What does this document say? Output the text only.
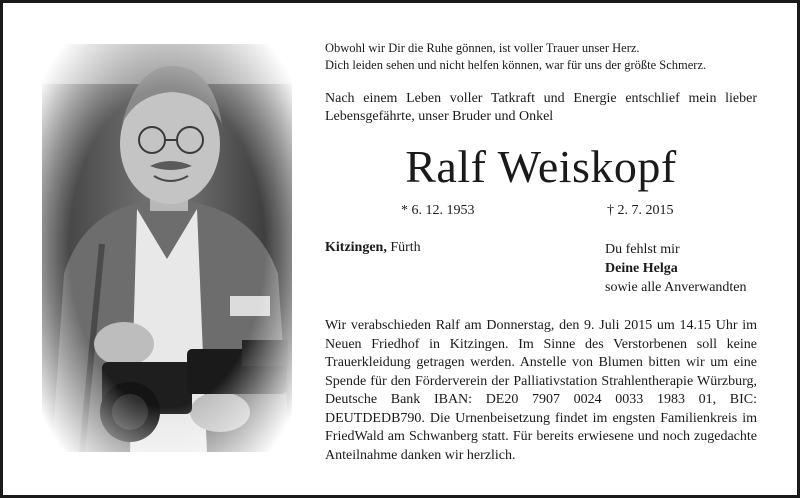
Obwohl wir Dir die Ruhe gönnen, ist voller Trauer unser Herz.
Dich leiden sehen und nicht helfen können, war für uns der größte Schmerz.
Nach einem Leben voller Tatkraft und Energie entschlief mein lieber Lebensgefährte, unser Bruder und Onkel
Ralf Weiskopf
* 6. 12. 1953	† 2. 7. 2015
Kitzingen, Fürth	Du fehlst mir
Deine Helga
sowie alle Anverwandten
Wir verabschieden Ralf am Donnerstag, den 9. Juli 2015 um 14.15 Uhr im Neuen Friedhof in Kitzingen. Im Sinne des Verstorbenen soll keine Trauerkleidung getragen werden. Anstelle von Blumen bitten wir um eine Spende für den Förderverein der Palliativstation Strahlentherapie Würzburg, Deutsche Bank IBAN: DE20 7907 0024 0033 1983 01, BIC: DEUTDEDB790. Die Urnenbeisetzung findet im engsten Familienkreis im FriedWald am Schwanberg statt. Für bereits erwiesene und noch zugedachte Anteilnahme danken wir herzlich.
